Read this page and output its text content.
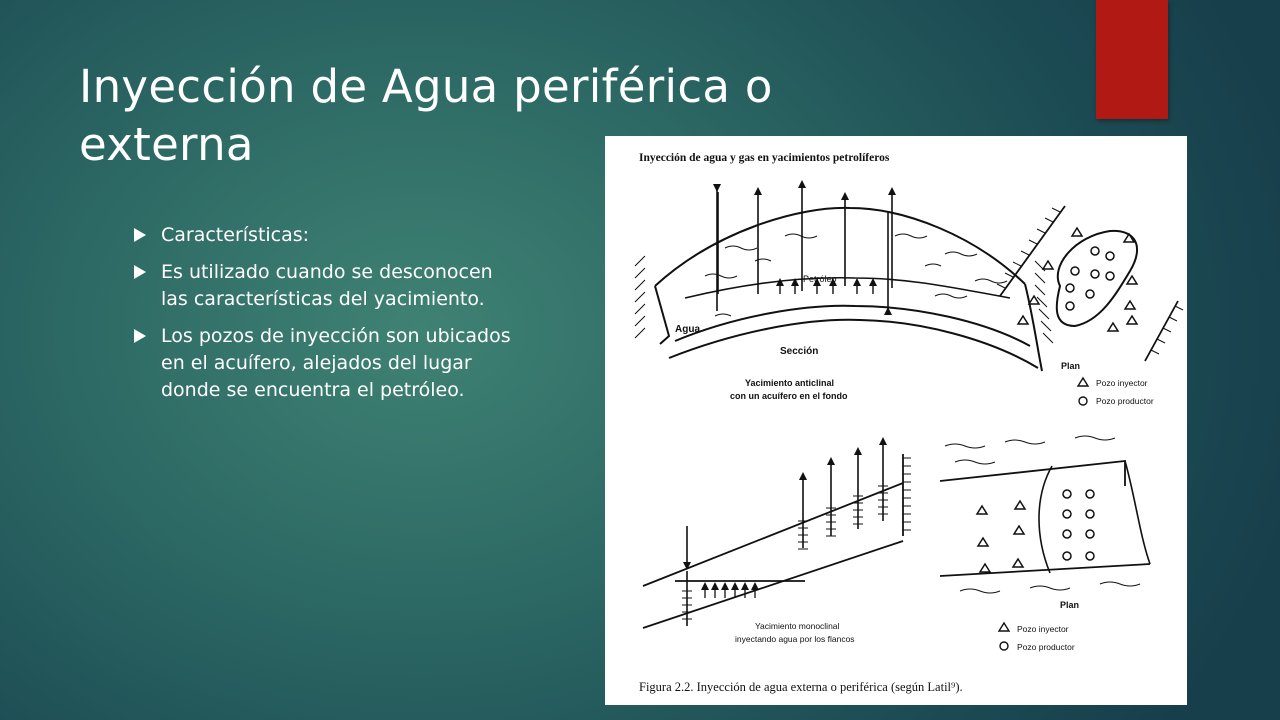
Inyección de Agua periférica o externa
Características:
Es utilizado cuando se desconocen las características del yacimiento.
Los pozos de inyección son ubicados en el acuífero, alejados del lugar donde se encuentra el petróleo.
Inyección de agua y gas en yacimientos petrolíferos
Petróleo
Agua
Sección
Yacimiento anticlinal
con un acuífero en el fondo
Plan
Pozo inyector
Pozo productor
Yacimiento monoclinal
inyectando agua por los flancos
Plan
Pozo inyector
Pozo productor
Figura 2.2. Inyección de agua externa o periférica (según Latil⁹).
